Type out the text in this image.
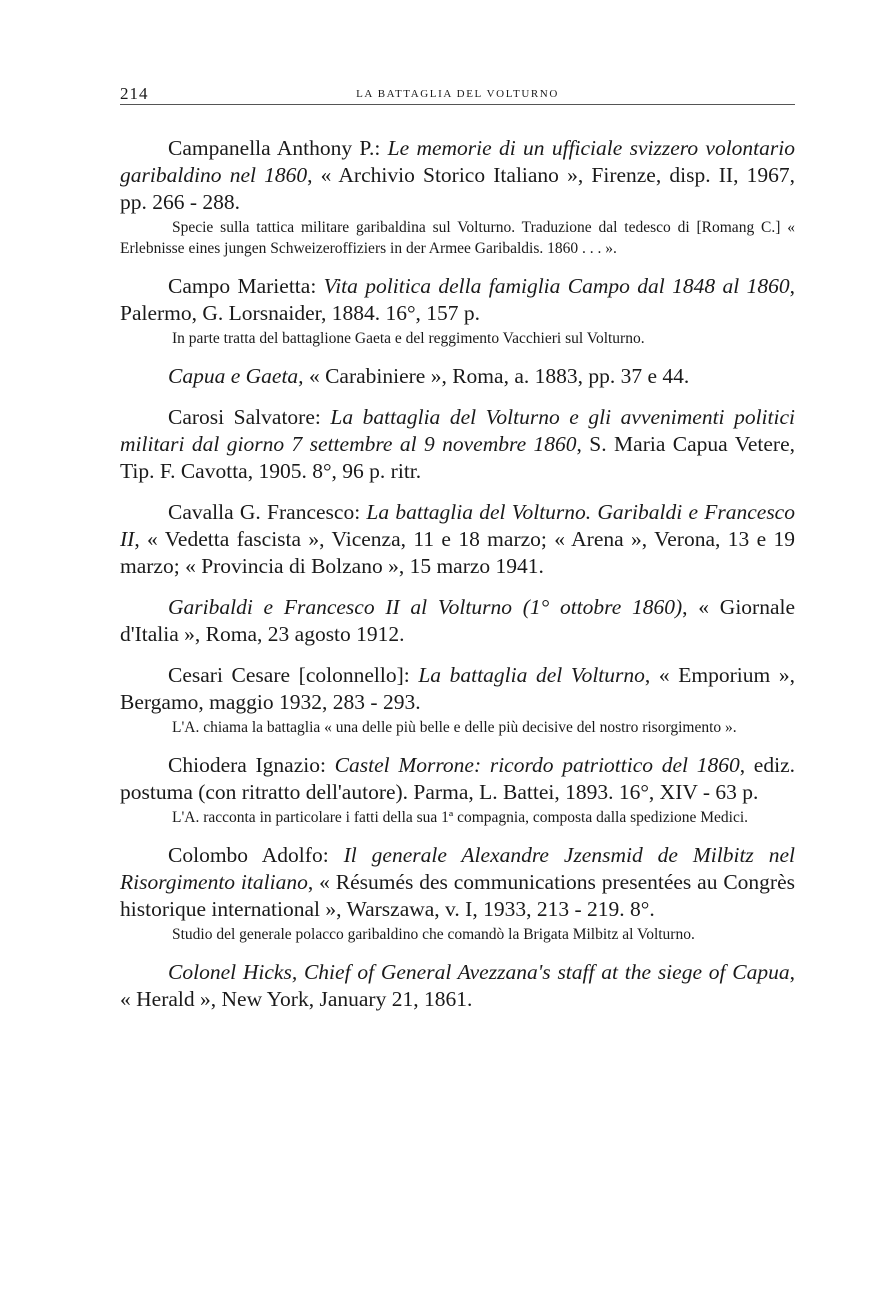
214	LA BATTAGLIA DEL VOLTURNO

Campanella Anthony P.: Le memorie di un ufficiale svizzero volontario garibaldino nel 1860, « Archivio Storico Italiano », Firenze, disp. II, 1967, pp. 266 - 288.

Specie sulla tattica militare garibaldina sul Volturno. Traduzione dal tedesco di [Romang C.] « Erlebnisse eines jungen Schweizeroffiziers in der Armee Garibaldis. 1860 . . . ».

Campo Marietta: Vita politica della famiglia Campo dal 1848 al 1860, Palermo, G. Lorsnaider, 1884. 16°, 157 p.

In parte tratta del battaglione Gaeta e del reggimento Vacchieri sul Volturno.

Capua e Gaeta, « Carabiniere », Roma, a. 1883, pp. 37 e 44.

Carosi Salvatore: La battaglia del Volturno e gli avvenimenti politici militari dal giorno 7 settembre al 9 novembre 1860, S. Maria Capua Vetere, Tip. F. Cavotta, 1905. 8°, 96 p. ritr.

Cavalla G. Francesco: La battaglia del Volturno. Garibaldi e Francesco II, « Vedetta fascista », Vicenza, 11 e 18 marzo; « Arena », Verona, 13 e 19 marzo; « Provincia di Bolzano », 15 marzo 1941.

Garibaldi e Francesco II al Volturno (1° ottobre 1860), « Giornale d'Italia », Roma, 23 agosto 1912.

Cesari Cesare [colonnello]: La battaglia del Volturno, « Emporium », Bergamo, maggio 1932, 283 - 293.

L'A. chiama la battaglia « una delle più belle e delle più decisive del nostro risorgimento ».

Chiodera Ignazio: Castel Morrone: ricordo patriottico del 1860, ediz. postuma (con ritratto dell'autore). Parma, L. Battei, 1893. 16°, XIV - 63 p.

L'A. racconta in particolare i fatti della sua 1ª compagnia, composta dalla spedizione Medici.

Colombo Adolfo: Il generale Alexandre Jzensmid de Milbitz nel Risorgimento italiano, « Résumés des communications presentées au Congrès historique international », Warszawa, v. I, 1933, 213 - 219. 8°.

Studio del generale polacco garibaldino che comandò la Brigata Milbitz al Volturno.

Colonel Hicks, Chief of General Avezzana's staff at the siege of Capua, « Herald », New York, January 21, 1861.
